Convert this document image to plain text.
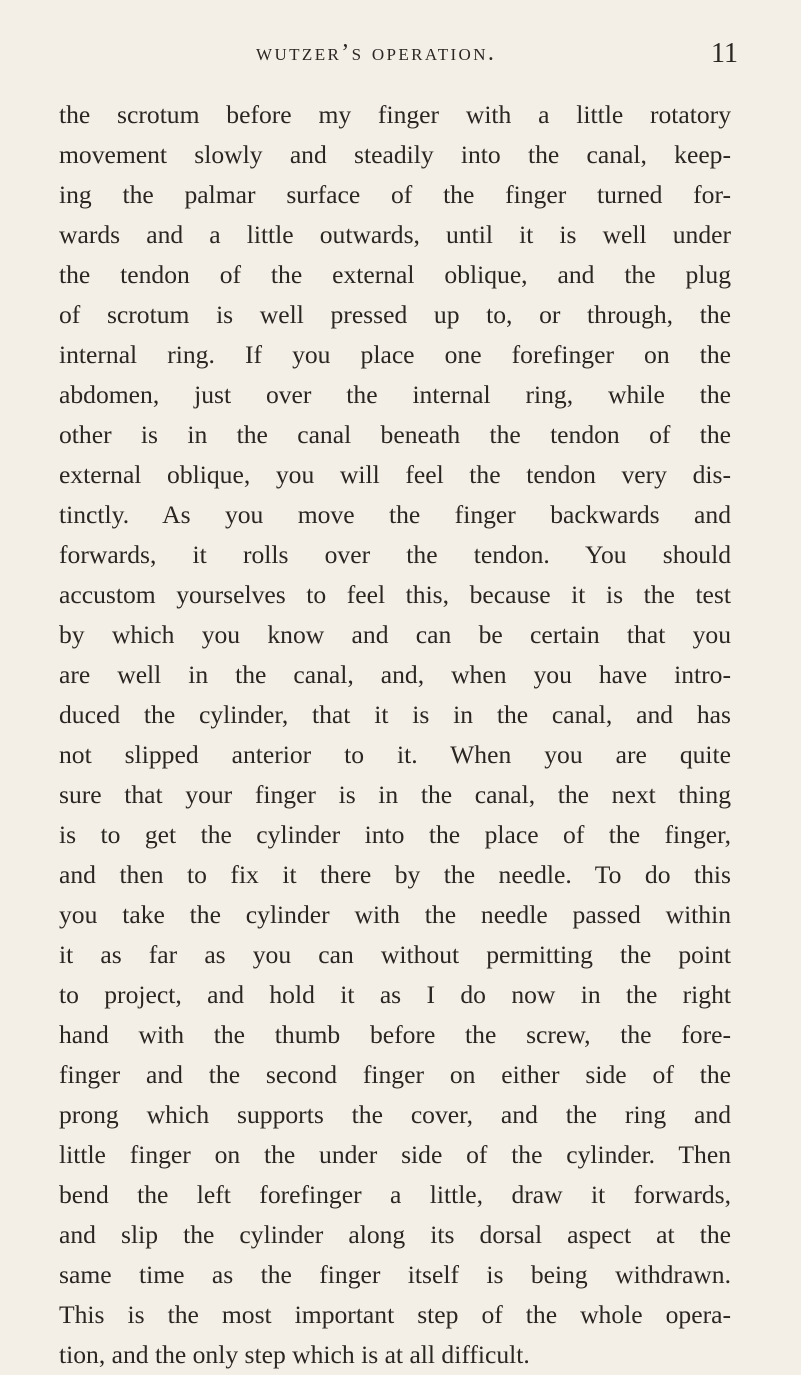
wutzer’s operation.	11
the scrotum before my finger with a little rotatory
movement slowly and steadily into the canal, keep-
ing the palmar surface of the finger turned for-
wards and a little outwards, until it is well under
the tendon of the external oblique, and the plug
of scrotum is well pressed up to, or through, the
internal ring. If you place one forefinger on the
abdomen, just over the internal ring, while the
other is in the canal beneath the tendon of the
external oblique, you will feel the tendon very dis-
tinctly. As you move the finger backwards and
forwards, it rolls over the tendon. You should
accustom yourselves to feel this, because it is the test
by which you know and can be certain that you
are well in the canal, and, when you have intro-
duced the cylinder, that it is in the canal, and has
not slipped anterior to it. When you are quite
sure that your finger is in the canal, the next thing
is to get the cylinder into the place of the finger,
and then to fix it there by the needle. To do this
you take the cylinder with the needle passed within
it as far as you can without permitting the point
to project, and hold it as I do now in the right
hand with the thumb before the screw, the fore-
finger and the second finger on either side of the
prong which supports the cover, and the ring and
little finger on the under side of the cylinder. Then
bend the left forefinger a little, draw it forwards,
and slip the cylinder along its dorsal aspect at the
same time as the finger itself is being withdrawn.
This is the most important step of the whole opera-
tion, and the only step which is at all difficult.
